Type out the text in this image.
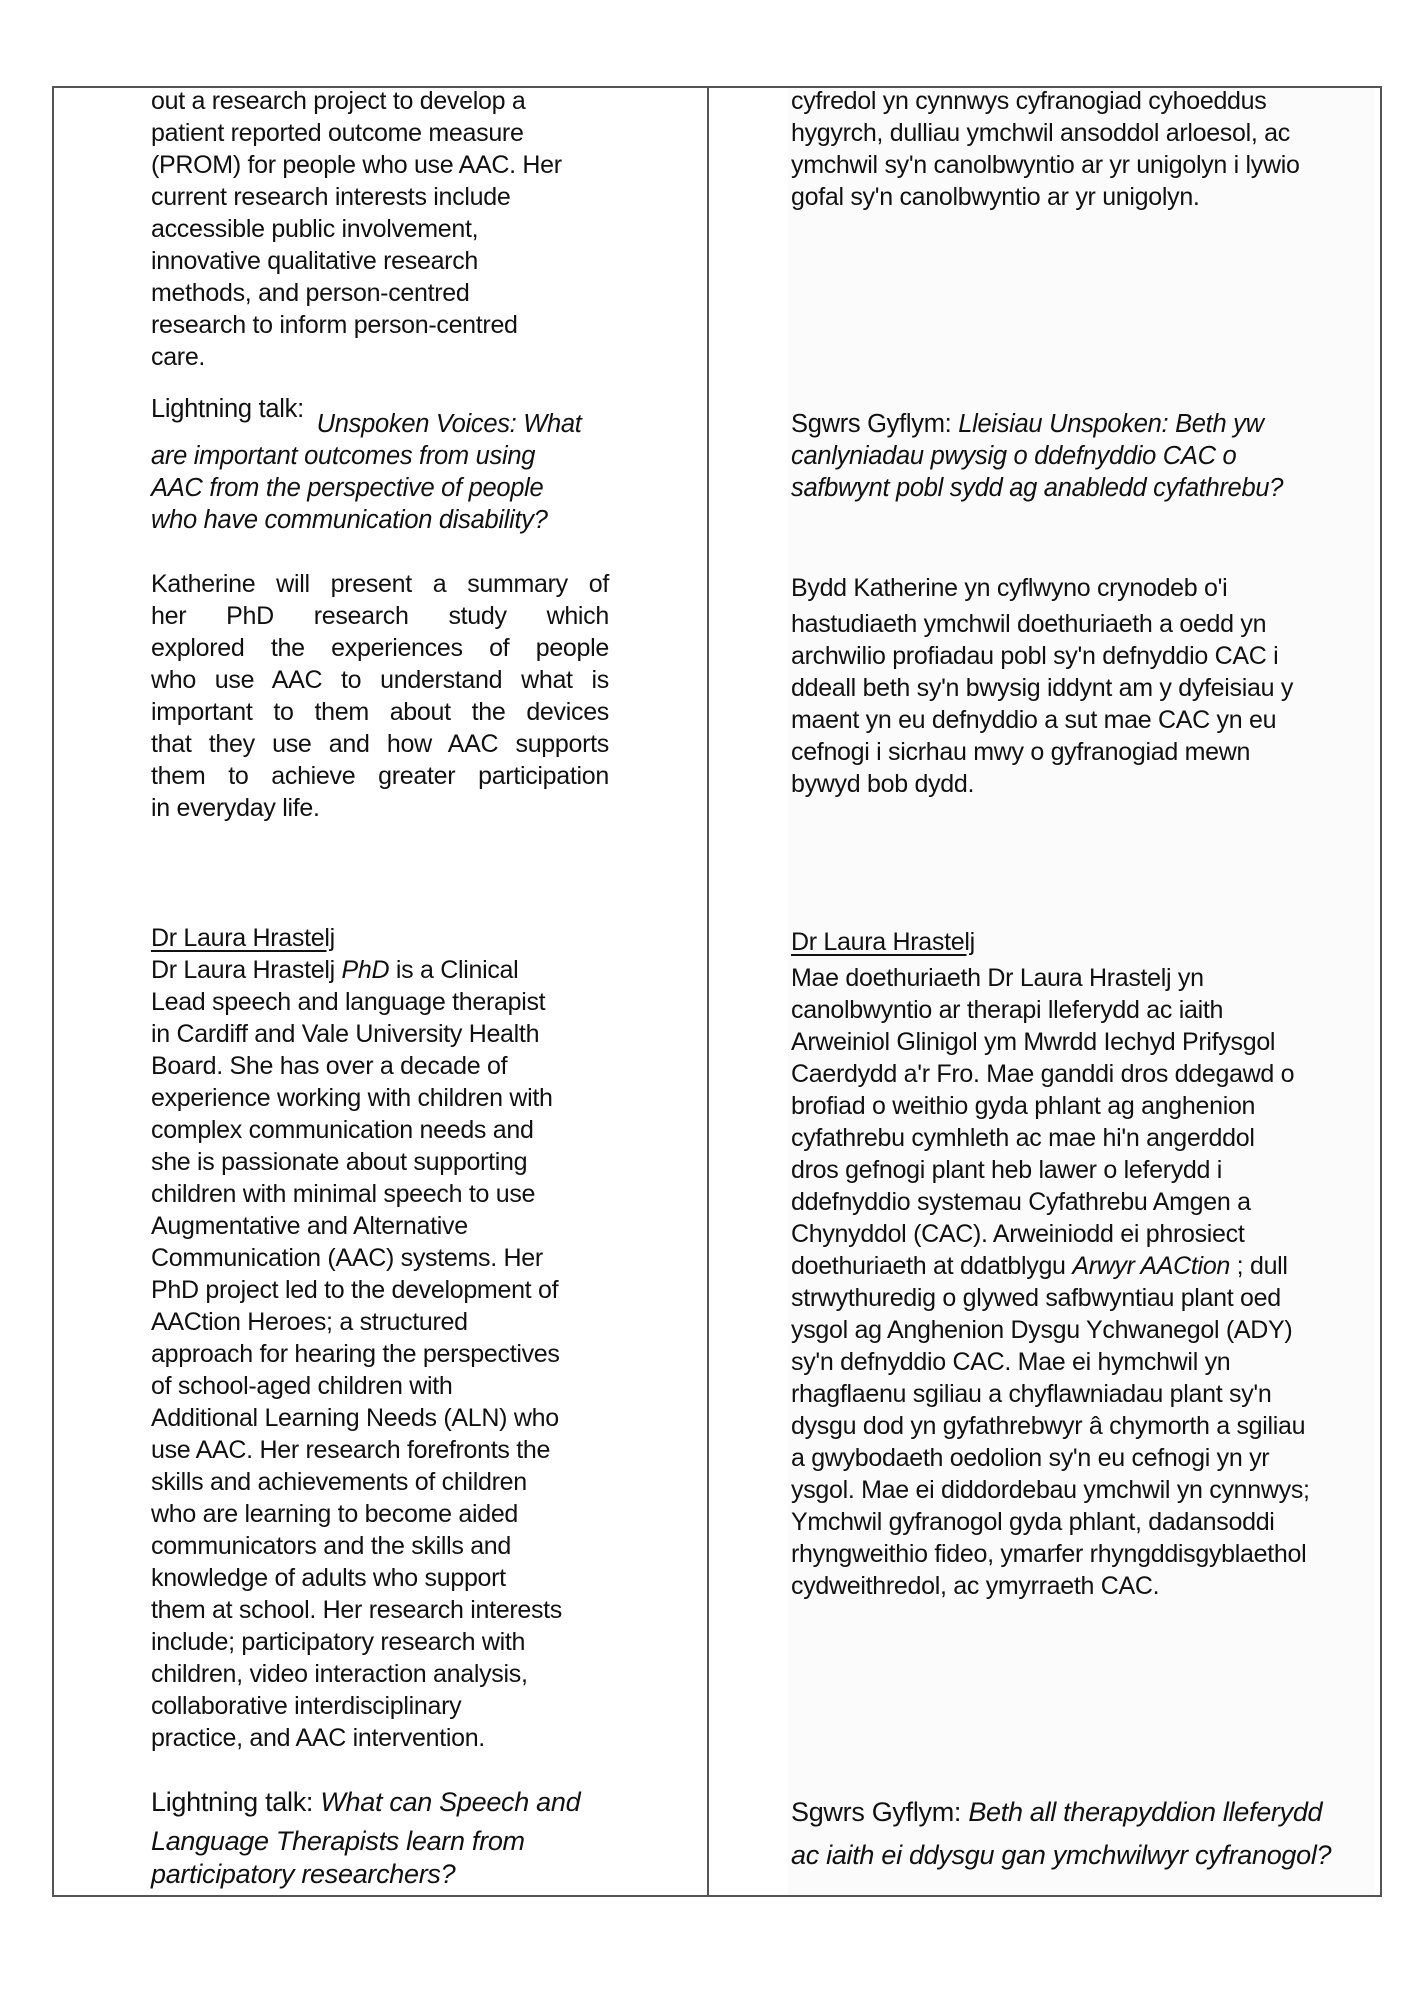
out a research project to develop a
patient reported outcome measure
(PROM) for people who use AAC. Her
current research interests include
accessible public involvement,
innovative qualitative research
methods, and person-centred
research to inform person-centred
care.
Lightning talk: Unspoken Voices: What
are important outcomes from using
AAC from the perspective of people
who have communication disability?
Katherine will present a summary of
her PhD research study which
explored the experiences of people
who use AAC to understand what is
important to them about the devices
that they use and how AAC supports
them to achieve greater participation
in everyday life.
Dr Laura Hrastelj
Dr Laura Hrastelj PhD is a Clinical
Lead speech and language therapist
in Cardiff and Vale University Health
Board. She has over a decade of
experience working with children with
complex communication needs and
she is passionate about supporting
children with minimal speech to use
Augmentative and Alternative
Communication (AAC) systems. Her
PhD project led to the development of
AACtion Heroes; a structured
approach for hearing the perspectives
of school-aged children with
Additional Learning Needs (ALN) who
use AAC. Her research forefronts the
skills and achievements of children
who are learning to become aided
communicators and the skills and
knowledge of adults who support
them at school. Her research interests
include; participatory research with
children, video interaction analysis,
collaborative interdisciplinary
practice, and AAC intervention.
Lightning talk: What can Speech and
Language Therapists learn from
participatory researchers?
cyfredol yn cynnwys cyfranogiad cyhoeddus
hygyrch, dulliau ymchwil ansoddol arloesol, ac
ymchwil sy'n canolbwyntio ar yr unigolyn i lywio
gofal sy'n canolbwyntio ar yr unigolyn.
Sgwrs Gyflym: Lleisiau Unspoken: Beth yw
canlyniadau pwysig o ddefnyddio CAC o
safbwynt pobl sydd ag anabledd cyfathrebu?
Bydd Katherine yn cyflwyno crynodeb o'i
hastudiaeth ymchwil doethuriaeth a oedd yn
archwilio profiadau pobl sy'n defnyddio CAC i
ddeall beth sy'n bwysig iddynt am y dyfeisiau y
maent yn eu defnyddio a sut mae CAC yn eu
cefnogi i sicrhau mwy o gyfranogiad mewn
bywyd bob dydd.
Dr Laura Hrastelj
Mae doethuriaeth Dr Laura Hrastelj yn
canolbwyntio ar therapi lleferydd ac iaith
Arweiniol Glinigol ym Mwrdd Iechyd Prifysgol
Caerdydd a'r Fro. Mae ganddi dros ddegawd o
brofiad o weithio gyda phlant ag anghenion
cyfathrebu cymhleth ac mae hi'n angerddol
dros gefnogi plant heb lawer o leferydd i
ddefnyddio systemau Cyfathrebu Amgen a
Chynyddol (CAC). Arweiniodd ei phrosiect
doethuriaeth at ddatblygu Arwyr AACtion ; dull
strwythuredig o glywed safbwyntiau plant oed
ysgol ag Anghenion Dysgu Ychwanegol (ADY)
sy'n defnyddio CAC. Mae ei hymchwil yn
rhagflaenu sgiliau a chyflawniadau plant sy'n
dysgu dod yn gyfathrebwyr â chymorth a sgiliau
a gwybodaeth oedolion sy'n eu cefnogi yn yr
ysgol. Mae ei diddordebau ymchwil yn cynnwys;
Ymchwil gyfranogol gyda phlant, dadansoddi
rhyngweithio fideo, ymarfer rhyngddisgyblaethol
cydweithredol, ac ymyrraeth CAC.
Sgwrs Gyflym: Beth all therapyddion lleferydd
ac iaith ei ddysgu gan ymchwilwyr cyfranogol?
